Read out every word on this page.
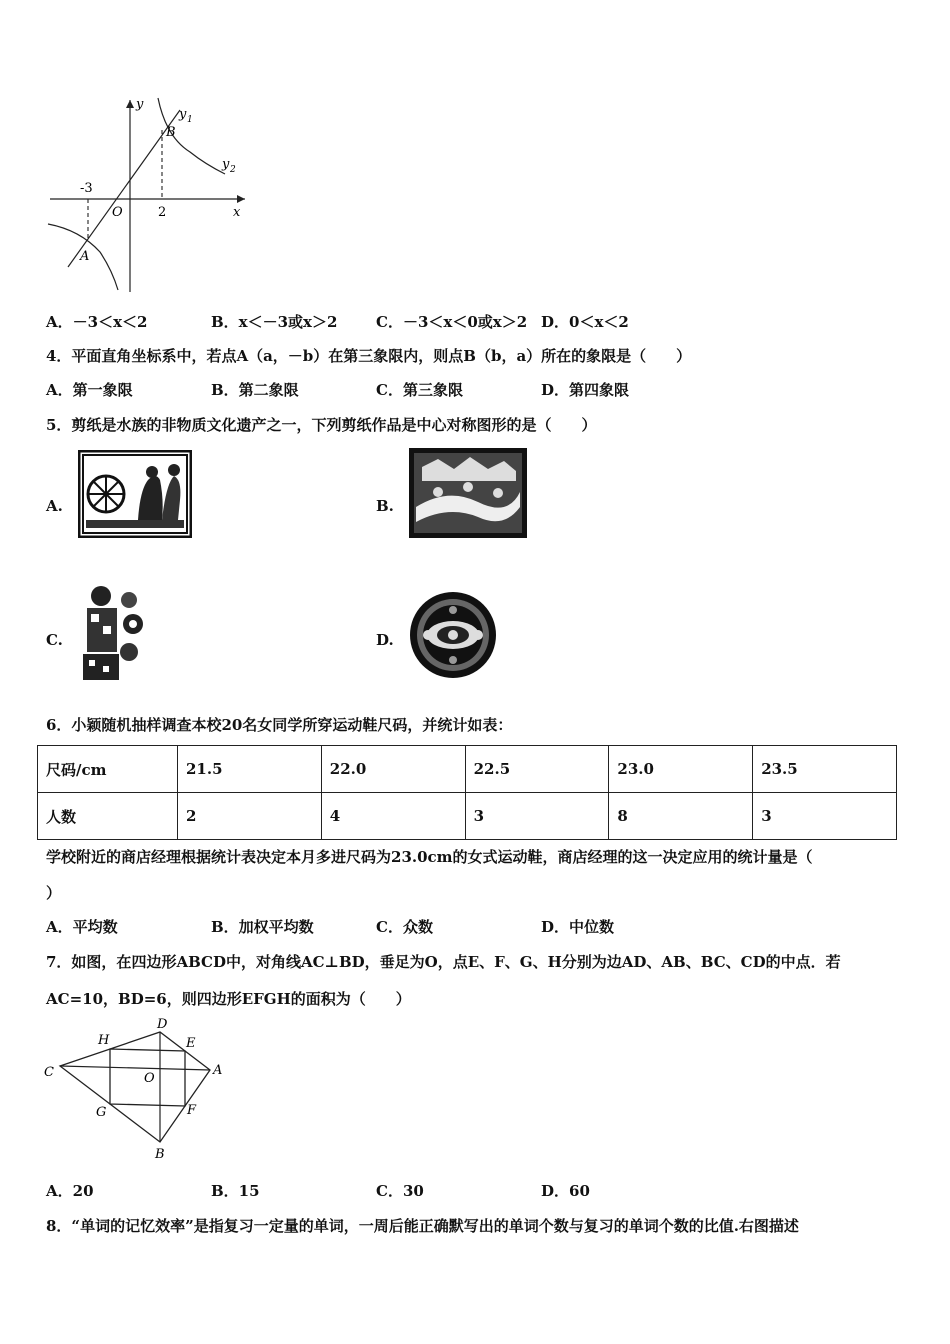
y
y 1
y 2
B
A
O	x
-3
2
A．－3＜x＜2	B．x＜－3或x＞2	C．－3＜x＜0或x＞2 D．0＜x＜2
4．平面直角坐标系中，若点A（a，－b）在第三象限内，则点B（b，a）所在的象限是（　　）
A．第一象限	B．第二象限	C．第三象限	D．第四象限
5．剪纸是水族的非物质文化遗产之一，下列剪纸作品是中心对称图形的是（　　）
A.	B.
C.	D.
6．小颖随机抽样调查本校20名女同学所穿运动鞋尺码，并统计如表：
尺码/cm	21.5	22.0	22.5	23.0	23.5
人数	2	4	3	8	3
学校附近的商店经理根据统计表决定本月多进尺码为23.0cm的女式运动鞋，商店经理的这一决定应用的统计量是（
）
A．平均数	B．加权平均数	C．众数	D．中位数
7．如图，在四边形ABCD中，对角线AC⊥BD，垂足为O，点E、F、G、H分别为边AD、AB、BC、CD的中点．若
AC=10，BD=6，则四边形EFGH的面积为（　　）
D
H	E
C	O
A
G	F
B
A．20	B．15	C．30	D．60
8．“单词的记忆效率”是指复习一定量的单词，一周后能正确默写出的单词个数与复习的单词个数的比值.右图描述
